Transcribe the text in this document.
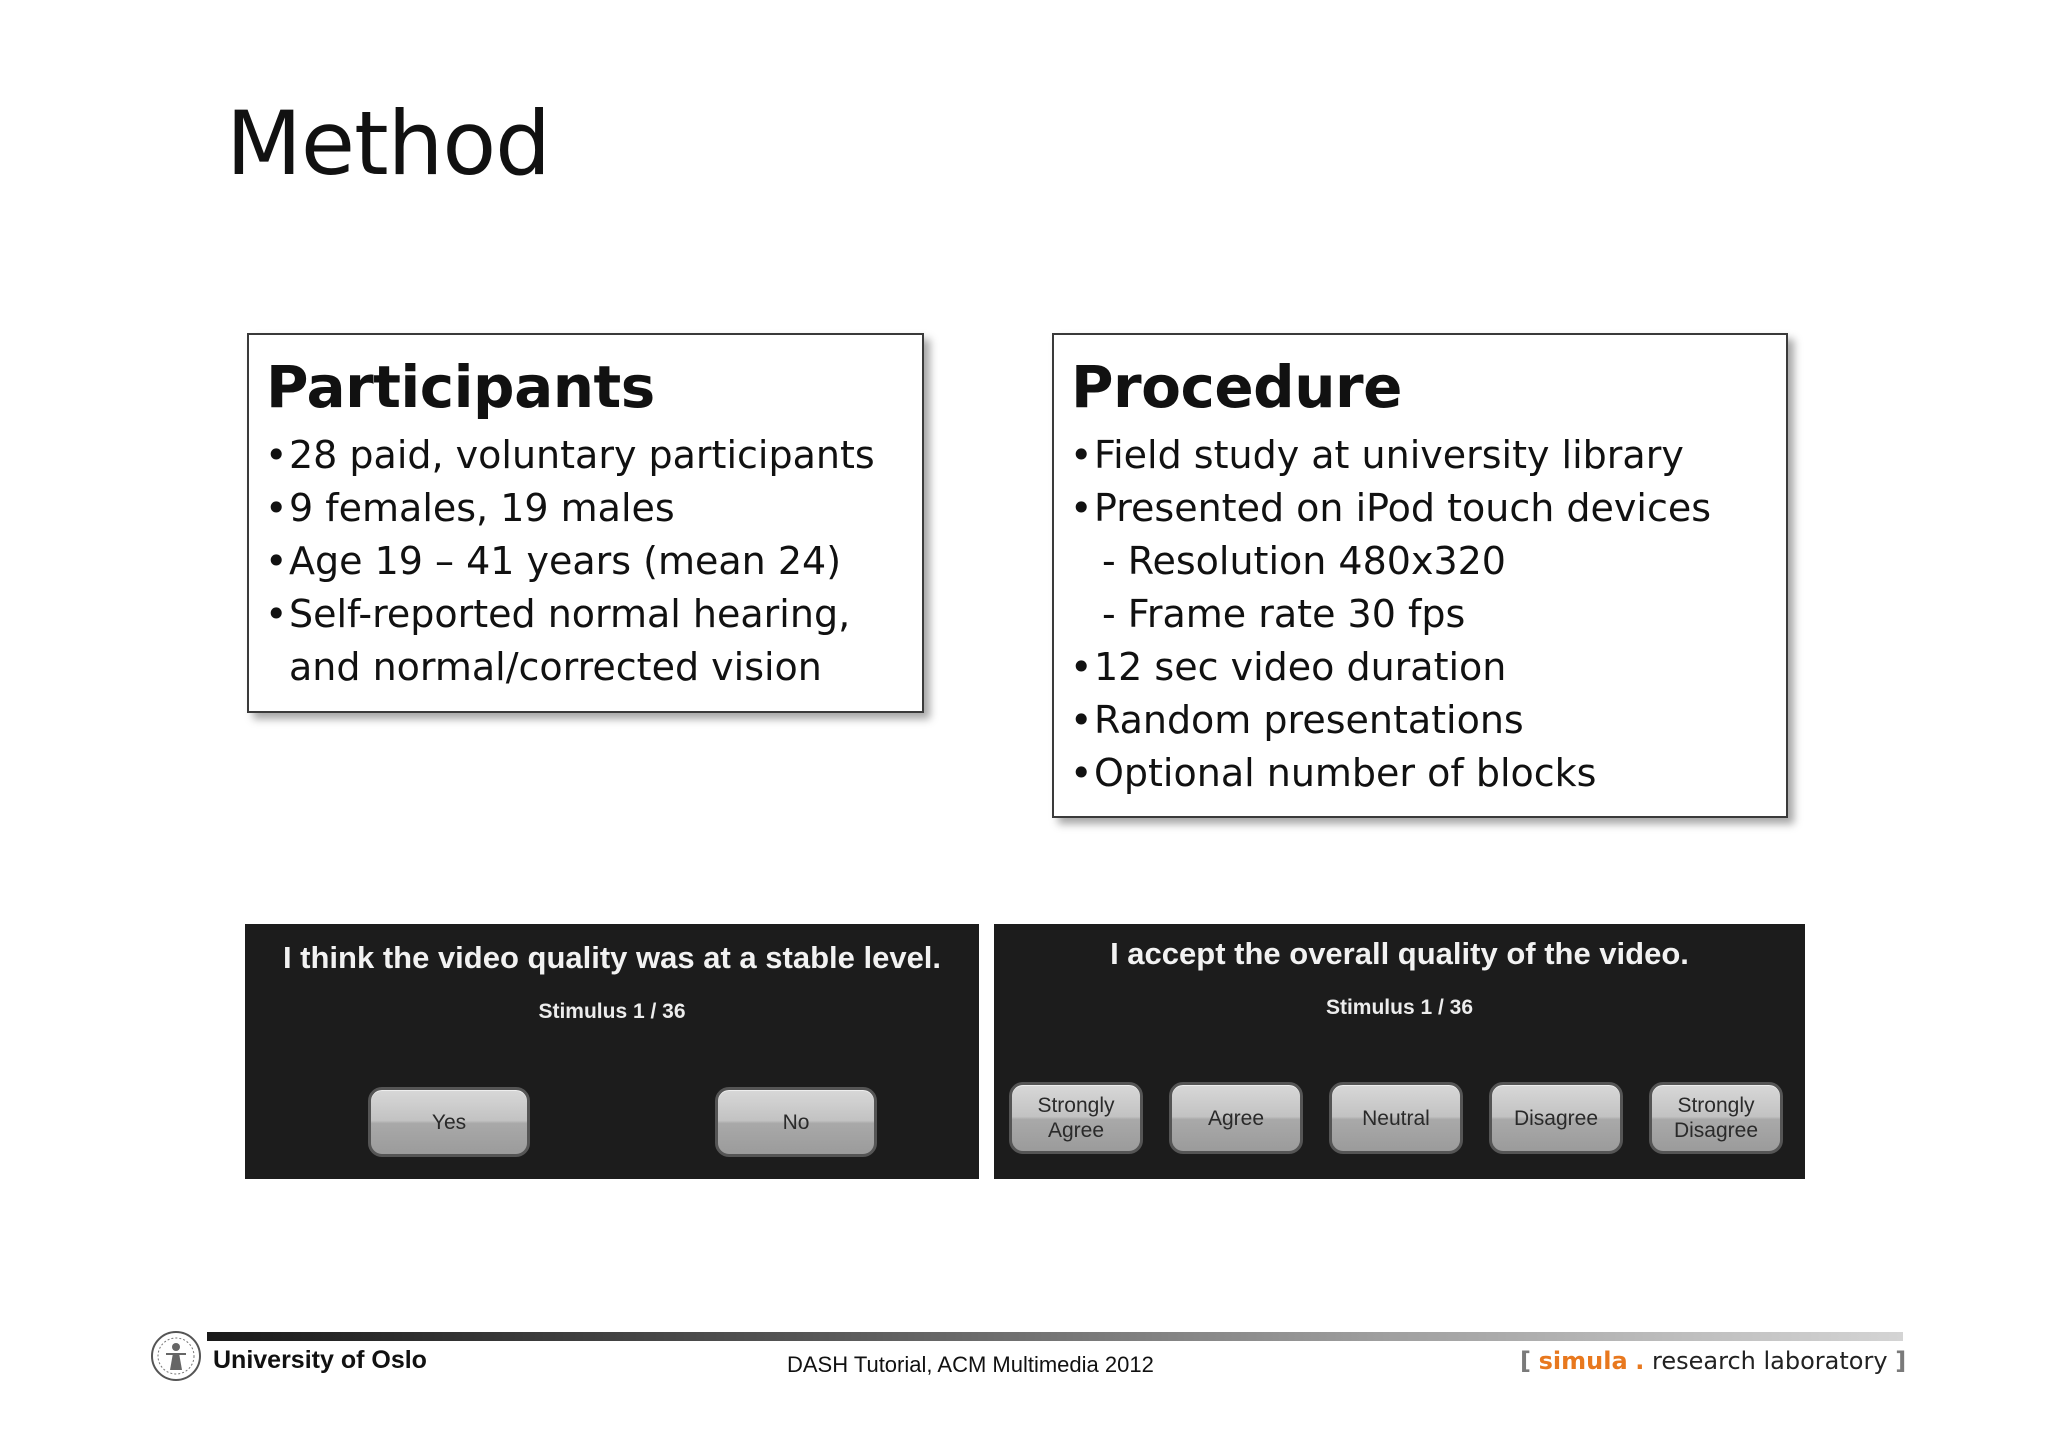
Method
Participants
•28 paid, voluntary participants
•9 females, 19 males
•Age 19 – 41 years (mean 24)
•Self-reported normal hearing,
and normal/corrected vision
Procedure
•Field study at university library
•Presented on iPod touch devices
- Resolution 480x320
- Frame rate 30 fps
•12 sec video duration
•Random presentations
•Optional number of blocks
I think the video quality was at a stable level.
Stimulus 1 / 36
Yes	No
I accept the overall quality of the video.
Stimulus 1 / 36
Strongly
Agree
Agree	Neutral	Disagree
Strongly
Disagree
University of Oslo	DASH Tutorial, ACM Multimedia 2012	[ simula . research laboratory ]
